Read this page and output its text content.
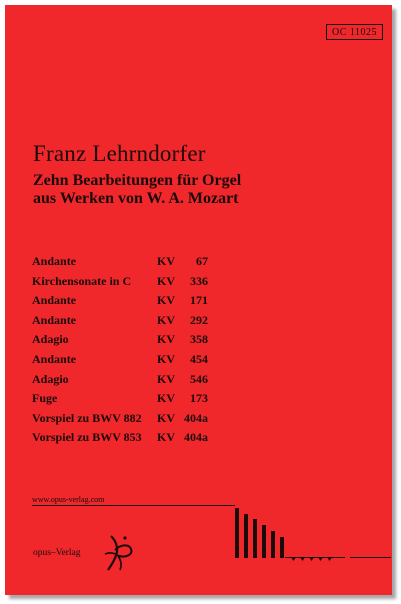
OC 11025
Franz Lehrndorfer
Zehn Bearbeitungen für Orgel
aus Werken von W. A. Mozart
Andante	KV 67
Kirchensonate in C KV 336
Andante	KV 171
Andante	KV 292
Adagio	KV 358
Andante	KV 454
Adagio	KV 546
Fuge	KV 173
Vorspiel zu BWV 882 KV 404a
Vorspiel zu BWV 853 KV 404a
www.opus-verlag.com
opus–Verlag
